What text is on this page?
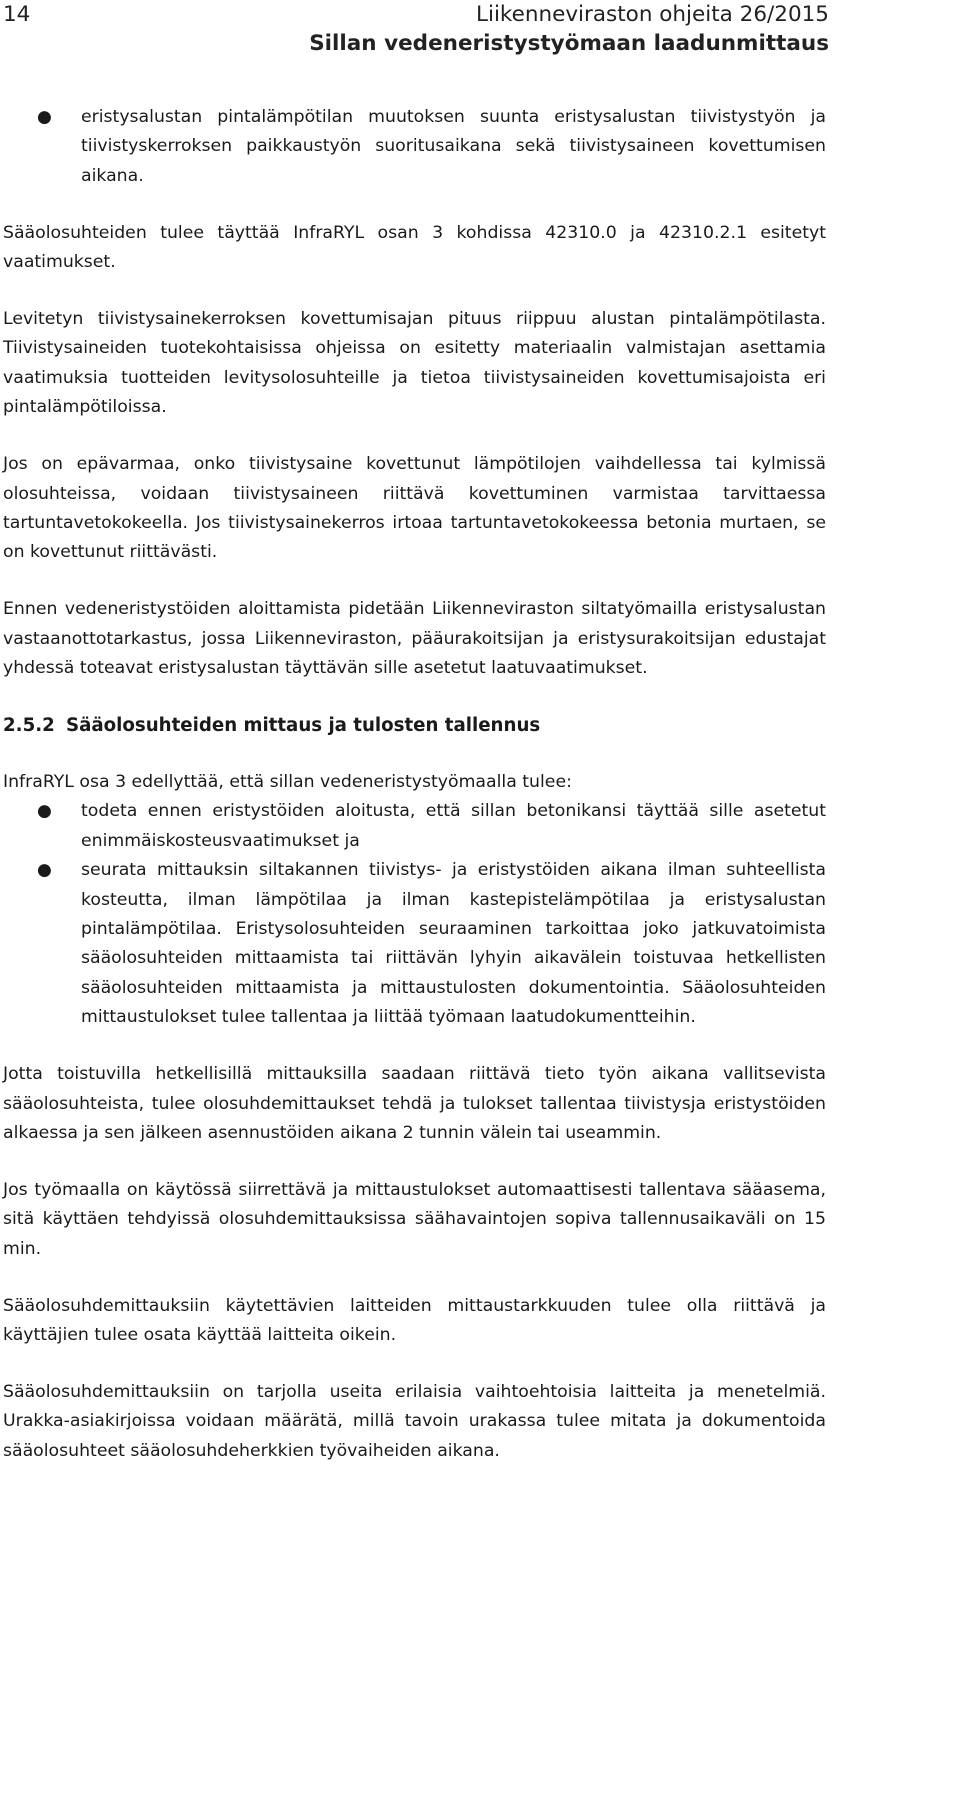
14	Liikenneviraston ohjeita 26/2015
Sillan vedeneristystyömaan laadunmittaus
● eristysalustan pintalämpötilan muutoksen suunta eristysalustan tiivistystyön ja tiivistyskerroksen paikkaustyön suoritusaikana sekä tiivistysaineen kovettumisen aikana.

Sääolosuhteiden tulee täyttää InfraRYL osan 3 kohdissa 42310.0 ja 42310.2.1 esitetyt vaatimukset.

Levitetyn tiivistysainekerroksen kovettumisajan pituus riippuu alustan pintalämpötilasta. Tiivistysaineiden tuotekohtaisissa ohjeissa on esitetty materiaalin valmistajan asettamia vaatimuksia tuotteiden levitysolosuhteille ja tietoa tiivistysaineiden kovettumisajoista eri pintalämpötiloissa.

Jos on epävarmaa, onko tiivistysaine kovettunut lämpötilojen vaihdellessa tai kylmissä olosuhteissa, voidaan tiivistysaineen riittävä kovettuminen varmistaa tarvittaessa tartuntavetokokeella. Jos tiivistysainekerros irtoaa tartuntavetokokeessa betonia murtaen, se on kovettunut riittävästi.

Ennen vedeneristystöiden aloittamista pidetään Liikenneviraston siltatyömailla eristysalustan vastaanottotarkastus, jossa Liikenneviraston, pääurakoitsijan ja eristysurakoitsijan edustajat yhdessä toteavat eristysalustan täyttävän sille asetetut laatuvaatimukset.

2.5.2 Sääolosuhteiden mittaus ja tulosten tallennus

InfraRYL osa 3 edellyttää, että sillan vedeneristystyömaalla tulee:

● todeta ennen eristystöiden aloitusta, että sillan betonikansi täyttää sille asetetut enimmäiskosteusvaatimukset ja
● seurata mittauksin siltakannen tiivistys- ja eristystöiden aikana ilman suhteellista kosteutta, ilman lämpötilaa ja ilman kastepistelämpötilaa ja eristysalustan pintalämpötilaa. Eristysolosuhteiden seuraaminen tarkoittaa joko jatkuvatoimista sääolosuhteiden mittaamista tai riittävän lyhyin aikavälein toistuvaa hetkellisten sääolosuhteiden mittaamista ja mittaustulosten dokumentointia. Sääolosuhteiden mittaustulokset tulee tallentaa ja liittää työmaan laatudokumentteihin.

Jotta toistuvilla hetkellisillä mittauksilla saadaan riittävä tieto työn aikana vallitsevista sääolosuhteista, tulee olosuhdemittaukset tehdä ja tulokset tallentaa tiivistysja eristystöiden alkaessa ja sen jälkeen asennustöiden aikana 2 tunnin välein tai useammin.

Jos työmaalla on käytössä siirrettävä ja mittaustulokset automaattisesti tallentava sääasema, sitä käyttäen tehdyissä olosuhdemittauksissa säähavaintojen sopiva tallennusaikaväli on 15 min.

Sääolosuhdemittauksiin käytettävien laitteiden mittaustarkkuuden tulee olla riittävä ja käyttäjien tulee osata käyttää laitteita oikein.

Sääolosuhdemittauksiin on tarjolla useita erilaisia vaihtoehtoisia laitteita ja menetelmiä. Urakka-asiakirjoissa voidaan määrätä, millä tavoin urakassa tulee mitata ja dokumentoida sääolosuhteet sääolosuhdeherkkien työvaiheiden aikana.
